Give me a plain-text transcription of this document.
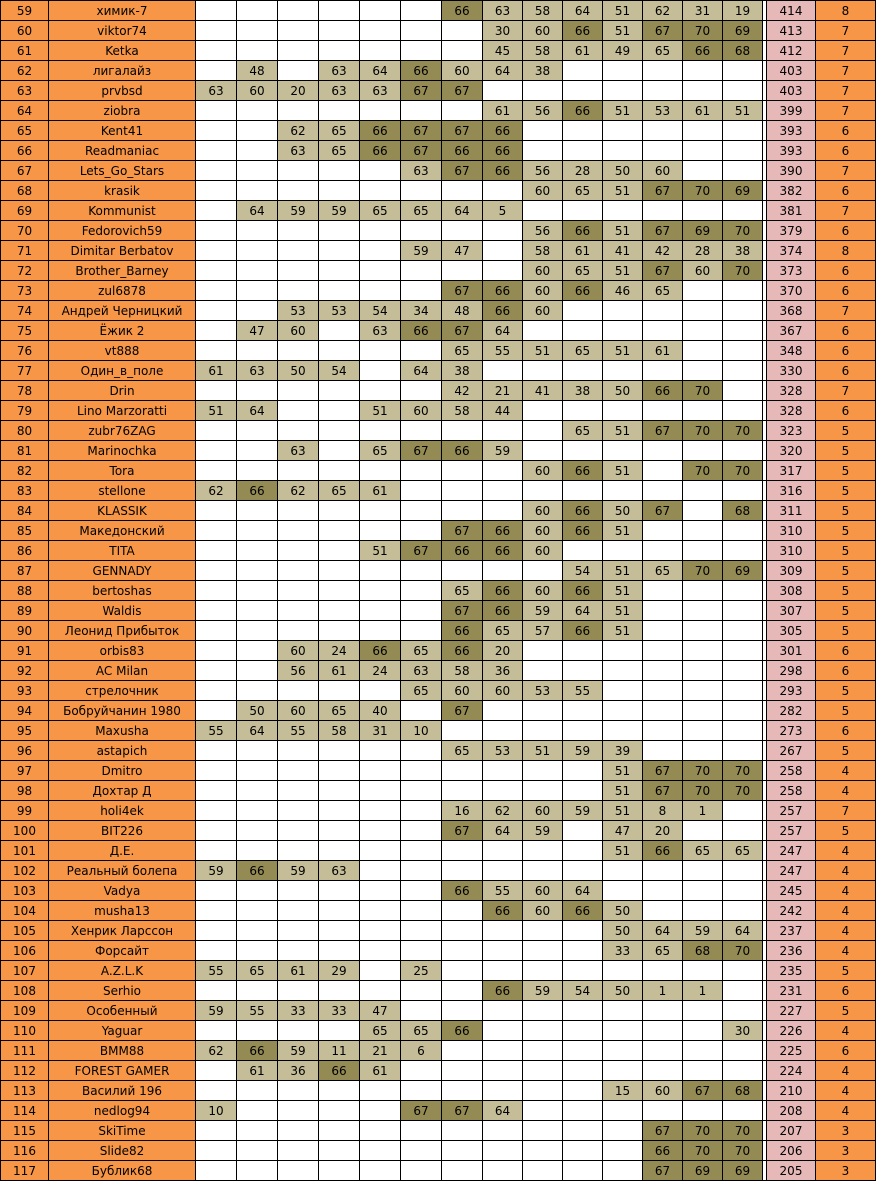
59	химик-7							66	63	58	64	51	62	31	19		414	8
60	viktor74								30	60	66	51	67	70	69		413	7
61	Ketka								45	58	61	49	65	66	68		412	7
62	лигалайз		48		63	64	66	60	64	38							403	7
63	prvbsd	63	60	20	63	63	67	67									403	7
64	ziobra								61	56	66	51	53	61	51		399	7
65	Kent41			62	65	66	67	67	66								393	6
66	Readmaniac			63	65	66	67	66	66								393	6
67	Lets_Go_Stars						63	67	66	56	28	50	60				390	7
68	krasik									60	65	51	67	70	69		382	6
69	Kommunist		64	59	59	65	65	64	5								381	7
70	Fedorovich59									56	66	51	67	69	70		379	6
71	Dimitar Berbatov						59	47		58	61	41	42	28	38		374	8
72	Brother_Barney									60	65	51	67	60	70		373	6
73	zul6878							67	66	60	66	46	65				370	6
74	Андрей Черницкий			53	53	54	34	48	66	60							368	7
75	Ёжик 2		47	60		63	66	67	64								367	6
76	vt888							65	55	51	65	51	61				348	6
77	Один_в_поле	61	63	50	54		64	38									330	6
78	Drin							42	21	41	38	50	66	70			328	7
79	Lino Marzoratti	51	64			51	60	58	44								328	6
80	zubr76ZAG										65	51	67	70	70		323	5
81	Marinochka			63		65	67	66	59								320	5
82	Tora									60	66	51		70	70		317	5
83	stellone	62	66	62	65	61											316	5
84	KLASSIK									60	66	50	67		68		311	5
85	Македонский							67	66	60	66	51					310	5
86	TITA					51	67	66	66	60							310	5
87	GENNADY										54	51	65	70	69		309	5
88	bertoshas							65	66	60	66	51					308	5
89	Waldis							67	66	59	64	51					307	5
90	Леонид Прибыток							66	65	57	66	51					305	5
91	orbis83			60	24	66	65	66	20								301	6
92	AC Milan			56	61	24	63	58	36								298	6
93	стрелочник						65	60	60	53	55						293	5
94	Бобруйчанин 1980		50	60	65	40		67									282	5
95	Maxusha	55	64	55	58	31	10										273	6
96	astapich							65	53	51	59	39					267	5
97	Dmitro											51	67	70	70		258	4
98	Дохтар Д											51	67	70	70		258	4
99	holi4ek							16	62	60	59	51	8	1			257	7
100	BIT226							67	64	59		47	20				257	5
101	Д.Е.											51	66	65	65		247	4
102	Реальный болепа	59	66	59	63												247	4
103	Vadya							66	55	60	64						245	4
104	musha13								66	60	66	50					242	4
105	Хенрик Ларссон											50	64	59	64		237	4
106	Форсайт											33	65	68	70		236	4
107	A.Z.L.K	55	65	61	29		25										235	5
108	Serhio								66	59	54	50	1	1			231	6
109	Особенный	59	55	33	33	47											227	5
110	Yaguar					65	65	66							30		226	4
111	BMM88	62	66	59	11	21	6										225	6
112	FOREST GAMER		61	36	66	61											224	4
113	Василий 196											15	60	67	68		210	4
114	nedlog94	10					67	67	64								208	4
115	SkiTime												67	70	70		207	3
116	Slide82												66	70	70		206	3
117	Бублик68												67	69	69		205	3
